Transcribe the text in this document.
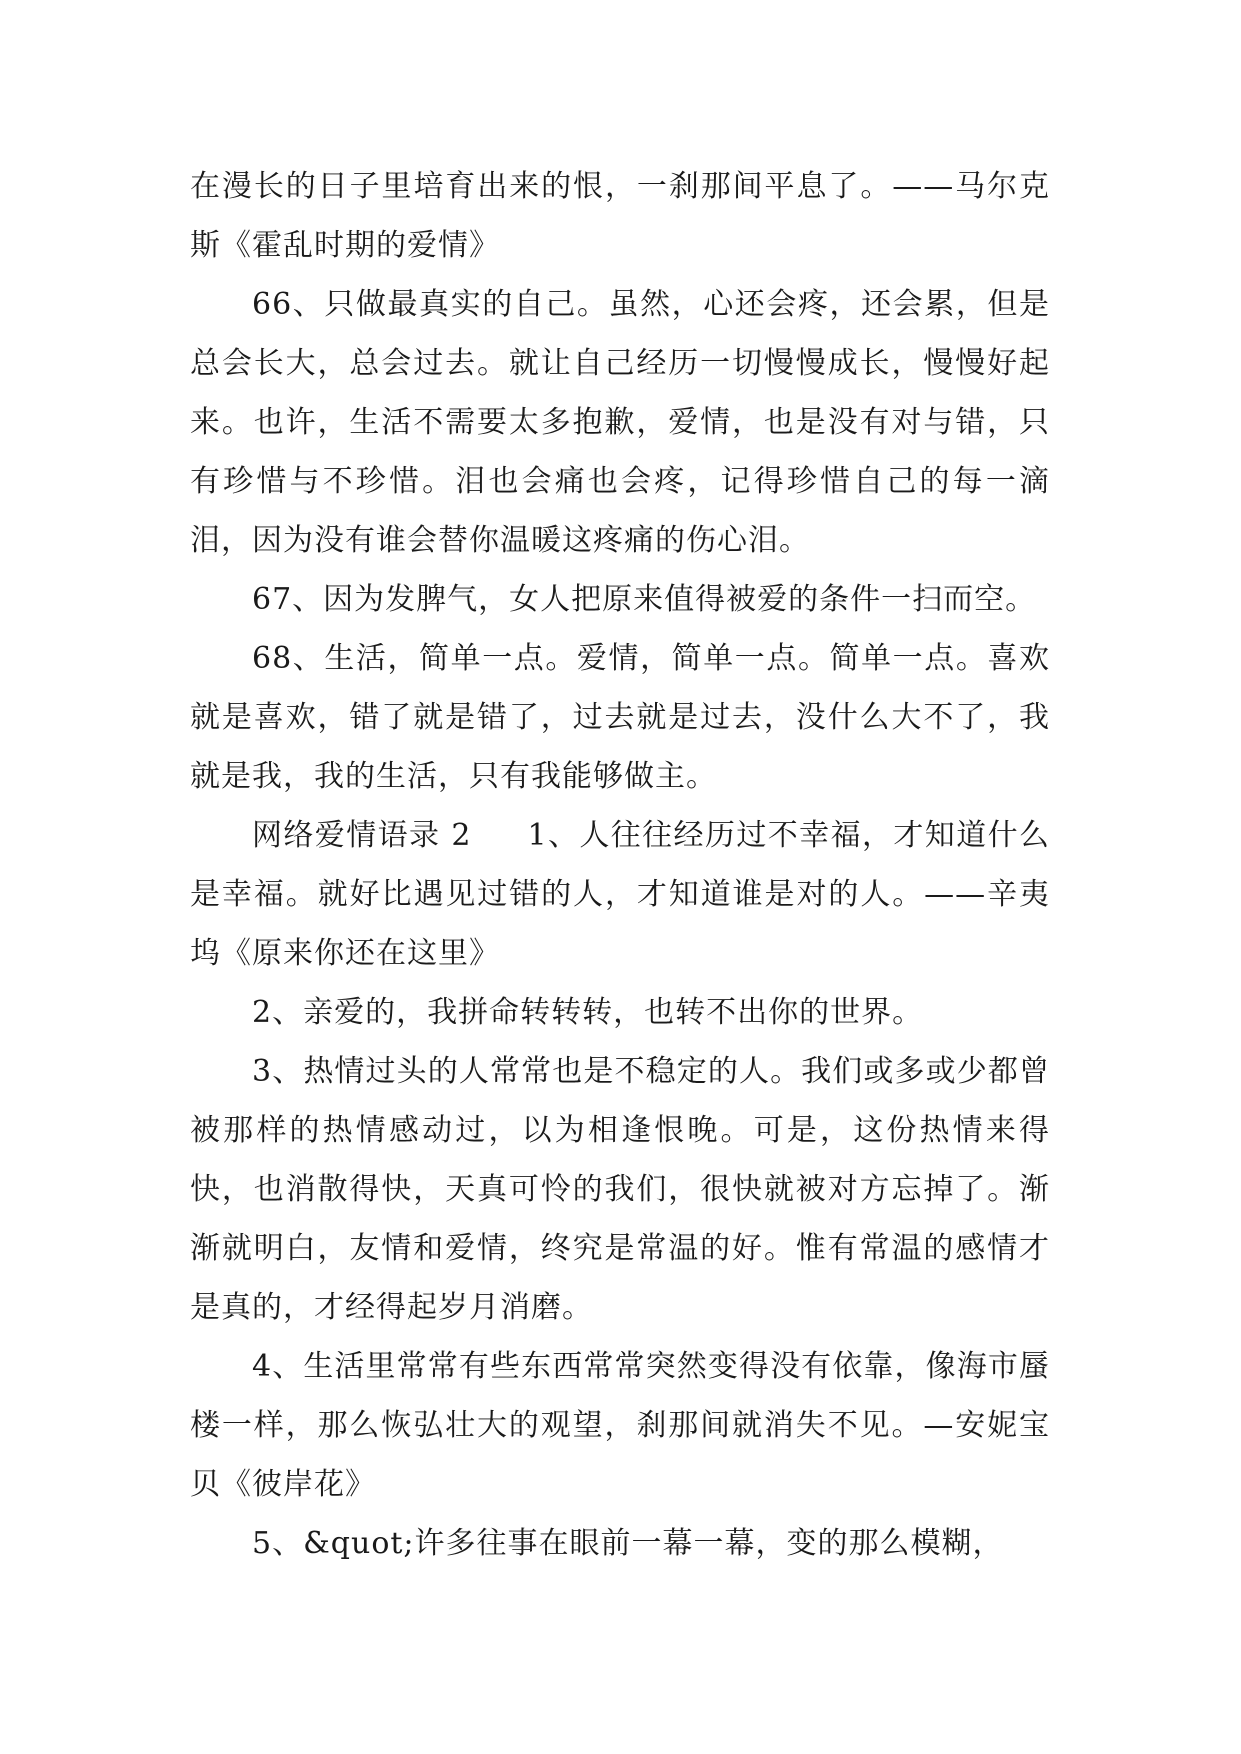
在漫长的日子里培育出来的恨，一刹那间平息了。——马尔克斯《霍乱时期的爱情》

66、只做最真实的自己。虽然，心还会疼，还会累，但是总会长大，总会过去。就让自己经历一切慢慢成长，慢慢好起来。也许，生活不需要太多抱歉，爱情，也是没有对与错，只有珍惜与不珍惜。泪也会痛也会疼，记得珍惜自己的每一滴泪，因为没有谁会替你温暖这疼痛的伤心泪。

67、因为发脾气，女人把原来值得被爱的条件一扫而空。

68、生活，简单一点。爱情，简单一点。简单一点。喜欢就是喜欢，错了就是错了，过去就是过去，没什么大不了，我就是我，我的生活，只有我能够做主。

网络爱情语录 2 1、人往往经历过不幸福，才知道什么是幸福。就好比遇见过错的人，才知道谁是对的人。——辛夷坞《原来你还在这里》

2、亲爱的，我拼命转转转，也转不出你的世界。

3、热情过头的人常常也是不稳定的人。我们或多或少都曾被那样的热情感动过，以为相逢恨晚。可是，这份热情来得快，也消散得快，天真可怜的我们，很快就被对方忘掉了。渐渐就明白，友情和爱情，终究是常温的好。惟有常温的感情才是真的，才经得起岁月消磨。

4、生活里常常有些东西常常突然变得没有依靠，像海市蜃楼一样，那么恢弘壮大的观望，刹那间就消失不见。—安妮宝贝《彼岸花》

5、&quot;许多往事在眼前一幕一幕，变的那么模糊，
